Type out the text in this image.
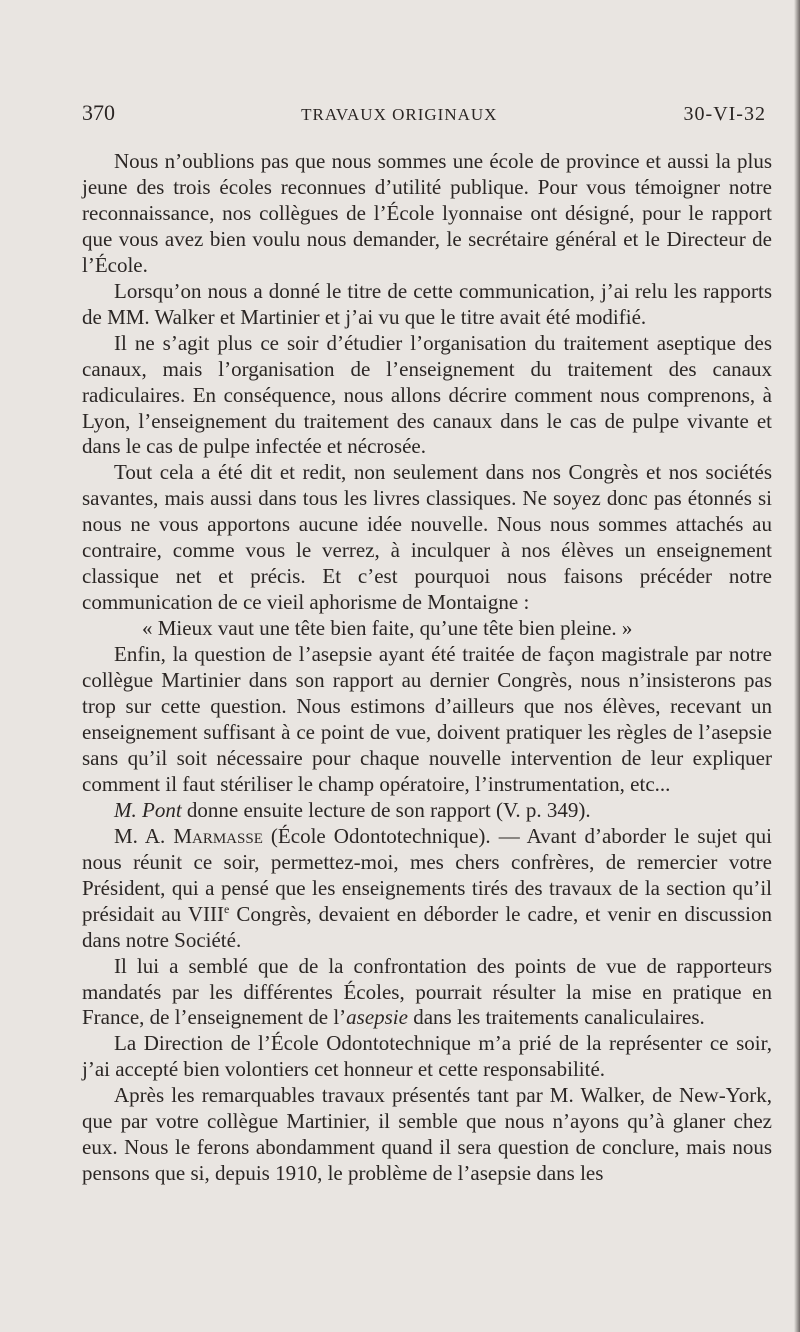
370	TRAVAUX ORIGINAUX	30-VI-32

Nous n’oublions pas que nous sommes une école de province et aussi la plus jeune des trois écoles reconnues d’utilité publique. Pour vous témoigner notre reconnaissance, nos collègues de l’École lyonnaise ont désigné, pour le rapport que vous avez bien voulu nous demander, le secrétaire général et le Directeur de l’École.

Lorsqu’on nous a donné le titre de cette communication, j’ai relu les rapports de MM. Walker et Martinier et j’ai vu que le titre avait été modifié.

Il ne s’agit plus ce soir d’étudier l’organisation du traitement aseptique des canaux, mais l’organisation de l’enseignement du traitement des canaux radiculaires. En conséquence, nous allons décrire comment nous comprenons, à Lyon, l’enseignement du traitement des canaux dans le cas de pulpe vivante et dans le cas de pulpe infectée et nécrosée.

Tout cela a été dit et redit, non seulement dans nos Congrès et nos sociétés savantes, mais aussi dans tous les livres classiques. Ne soyez donc pas étonnés si nous ne vous apportons aucune idée nouvelle. Nous nous sommes attachés au contraire, comme vous le verrez, à inculquer à nos élèves un enseignement classique net et précis. Et c’est pourquoi nous faisons précéder notre communication de ce vieil aphorisme de Montaigne :

« Mieux vaut une tête bien faite, qu’une tête bien pleine. »

Enfin, la question de l’asepsie ayant été traitée de façon magistrale par notre collègue Martinier dans son rapport au dernier Congrès, nous n’insisterons pas trop sur cette question. Nous estimons d’ailleurs que nos élèves, recevant un enseignement suffisant à ce point de vue, doivent pratiquer les règles de l’asepsie sans qu’il soit nécessaire pour chaque nouvelle intervention de leur expliquer comment il faut stériliser le champ opératoire, l’instrumentation, etc...

M. Pont donne ensuite lecture de son rapport (V. p. 349).

M. A. Marmasse (École Odontotechnique). — Avant d’aborder le sujet qui nous réunit ce soir, permettez-moi, mes chers confrères, de remercier votre Président, qui a pensé que les enseignements tirés des travaux de la section qu’il présidait au VIIIe Congrès, devaient en déborder le cadre, et venir en discussion dans notre Société.

Il lui a semblé que de la confrontation des points de vue de rapporteurs mandatés par les différentes Écoles, pourrait résulter la mise en pratique en France, de l’enseignement de l’asepsie dans les traitements canaliculaires.

La Direction de l’École Odontotechnique m’a prié de la représenter ce soir, j’ai accepté bien volontiers cet honneur et cette responsabilité.

Après les remarquables travaux présentés tant par M. Walker, de New-York, que par votre collègue Martinier, il semble que nous n’ayons qu’à glaner chez eux. Nous le ferons abondamment quand il sera question de conclure, mais nous pensons que si, depuis 1910, le problème de l’asepsie dans les
